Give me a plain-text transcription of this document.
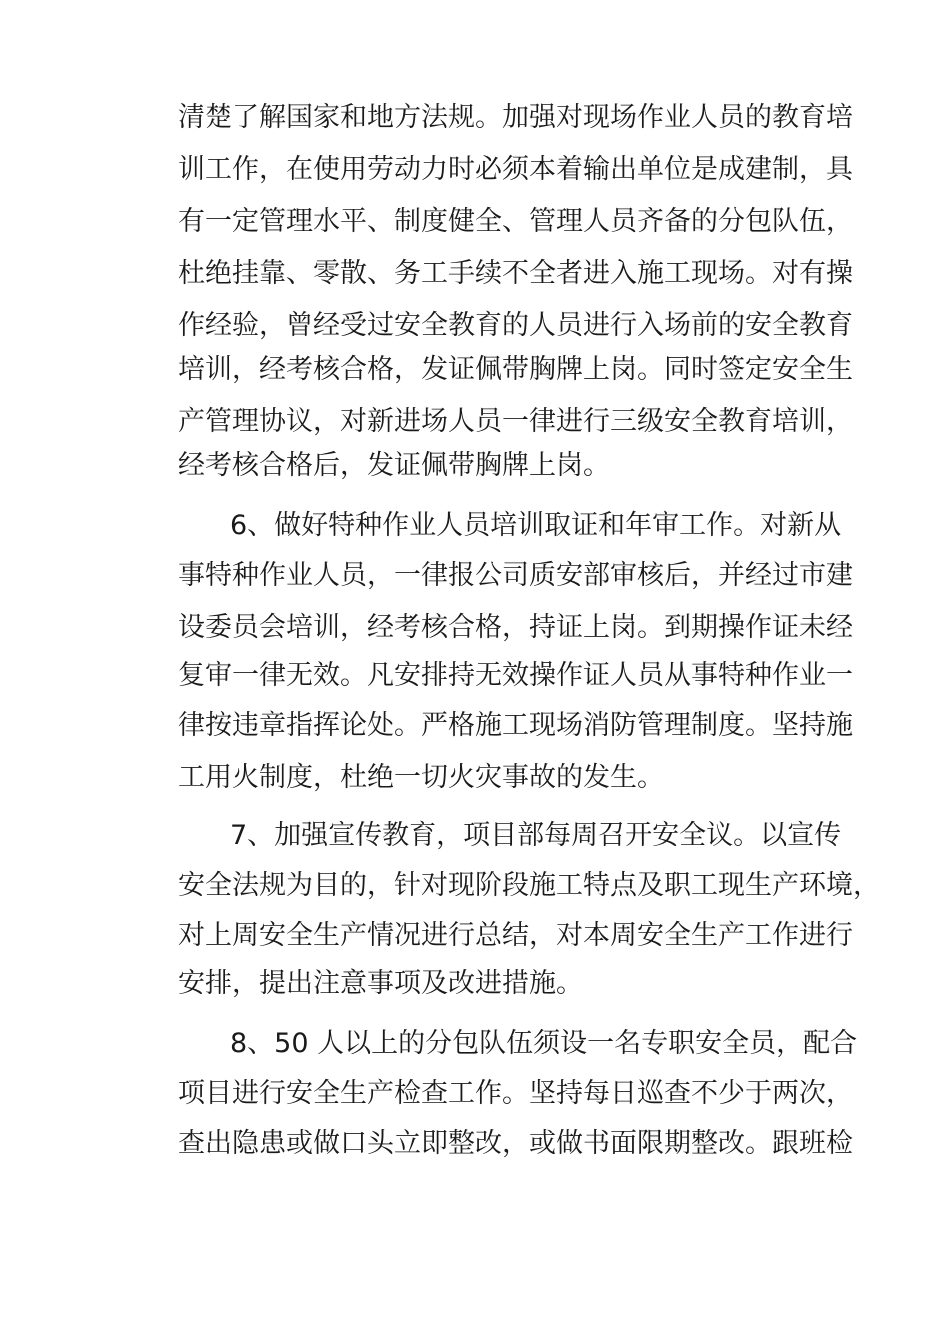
清楚了解国家和地方法规。加强对现场作业人员的教育培
训工作，在使用劳动力时必须本着输出单位是成建制，具
有一定管理水平、制度健全、管理人员齐备的分包队伍，
杜绝挂靠、零散、务工手续不全者进入施工现场。对有操
作经验，曾经受过安全教育的人员进行入场前的安全教育
培训，经考核合格，发证佩带胸牌上岗。同时签定安全生
产管理协议，对新进场人员一律进行三级安全教育培训，
经考核合格后，发证佩带胸牌上岗。
6、做好特种作业人员培训取证和年审工作。对新从
事特种作业人员，一律报公司质安部审核后，并经过市建
设委员会培训，经考核合格，持证上岗。到期操作证未经
复审一律无效。凡安排持无效操作证人员从事特种作业一
律按违章指挥论处。严格施工现场消防管理制度。坚持施
工用火制度，杜绝一切火灾事故的发生。
7、加强宣传教育，项目部每周召开安全议。以宣传
安全法规为目的，针对现阶段施工特点及职工现生产环境，
对上周安全生产情况进行总结，对本周安全生产工作进行
安排，提出注意事项及改进措施。
8、50 人以上的分包队伍须设一名专职安全员，配合
项目进行安全生产检查工作。坚持每日巡查不少于两次，
查出隐患或做口头立即整改，或做书面限期整改。跟班检
